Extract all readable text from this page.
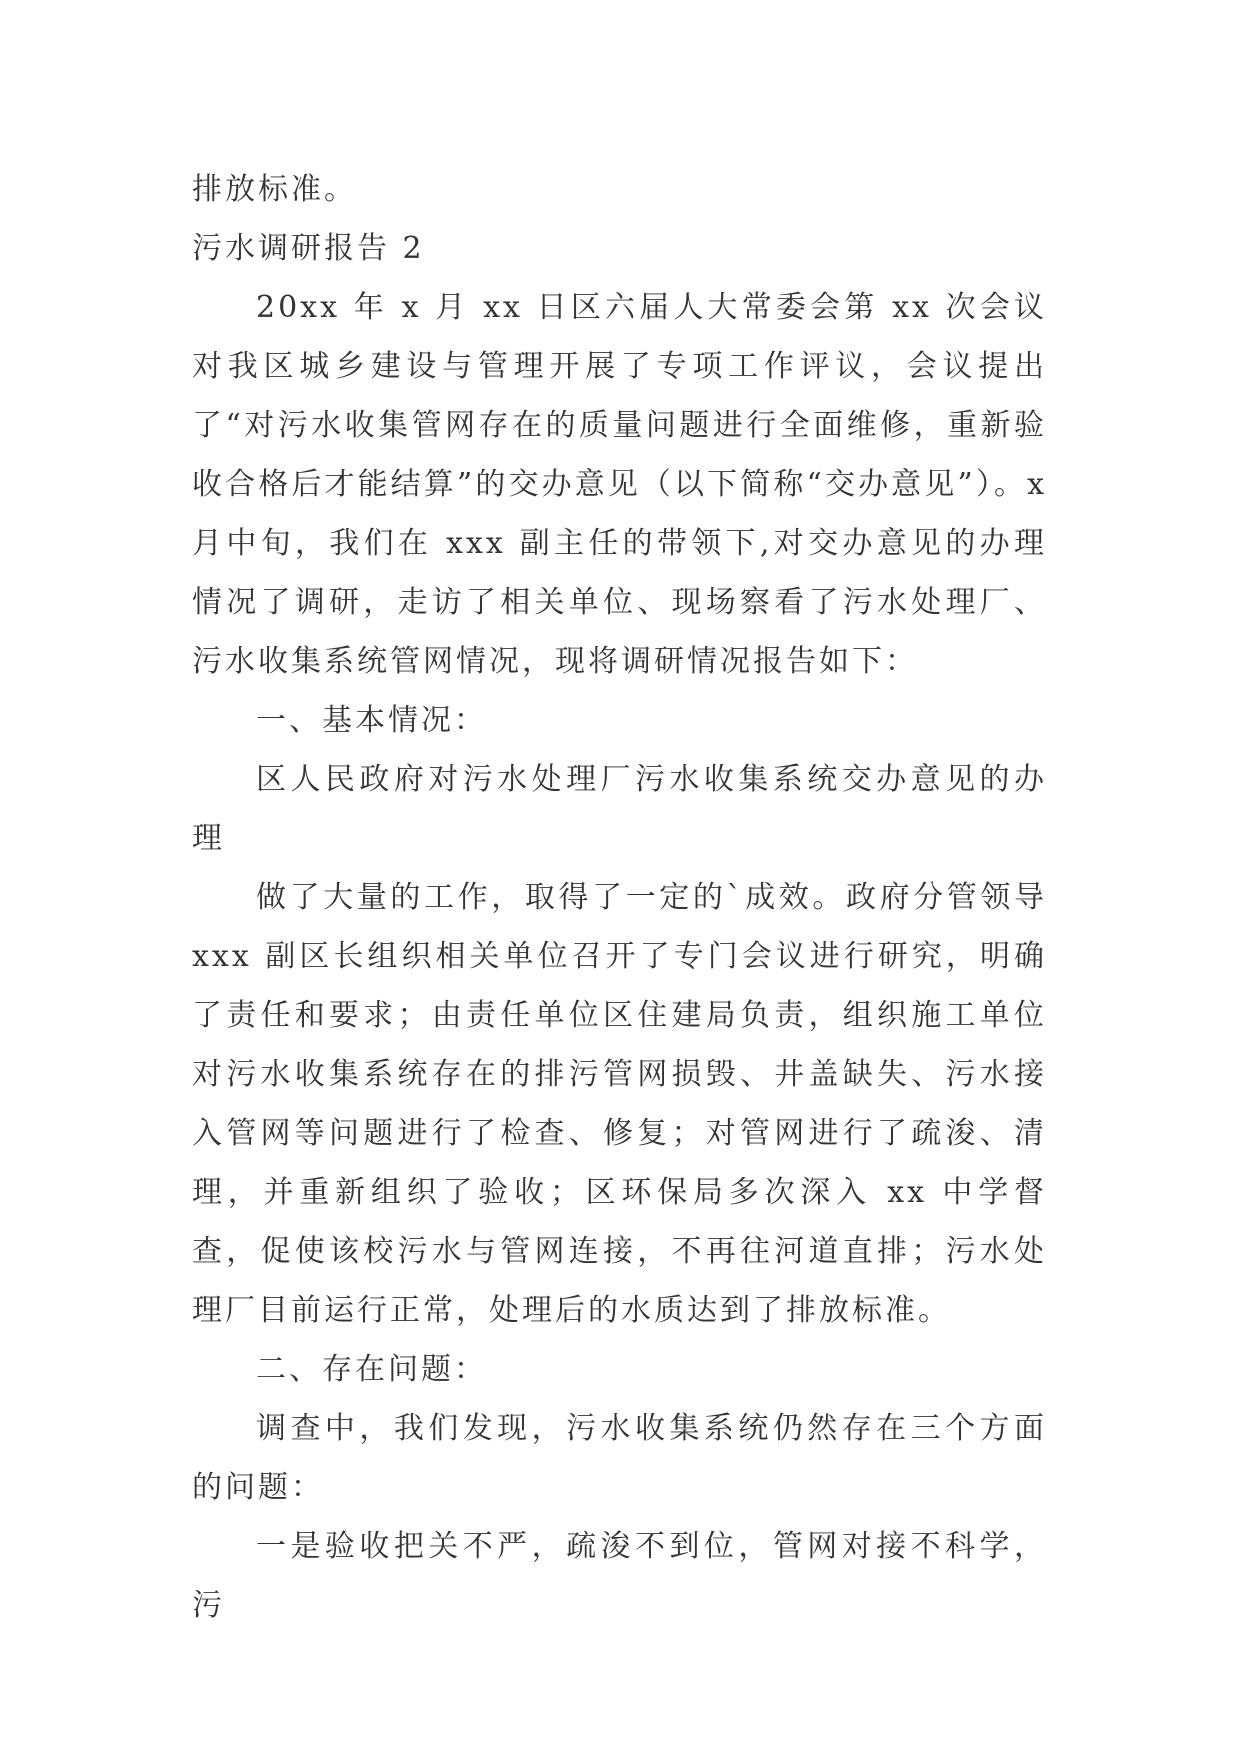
排放标准。

污水调研报告 2

20xx 年 x 月 xx 日区六届人大常委会第 xx 次会议对我区城乡建设与管理开展了专项工作评议，会议提出了“对污水收集管网存在的质量问题进行全面维修，重新验收合格后才能结算”的交办意见（以下简称“交办意见”）。x 月中旬，我们在 xxx 副主任的带领下,对交办意见的办理情况了调研，走访了相关单位、现场察看了污水处理厂、污水收集系统管网情况，现将调研情况报告如下：

一、基本情况：

区人民政府对污水处理厂污水收集系统交办意见的办理

做了大量的工作，取得了一定的`成效。政府分管领导 xxx 副区长组织相关单位召开了专门会议进行研究，明确了责任和要求；由责任单位区住建局负责，组织施工单位对污水收集系统存在的排污管网损毁、井盖缺失、污水接入管网等问题进行了检查、修复；对管网进行了疏浚、清理，并重新组织了验收；区环保局多次深入 xx 中学督查，促使该校污水与管网连接，不再往河道直排；污水处理厂目前运行正常，处理后的水质达到了排放标准。

二、存在问题：

调查中，我们发现，污水收集系统仍然存在三个方面的问题：

一是验收把关不严，疏浚不到位，管网对接不科学，污
